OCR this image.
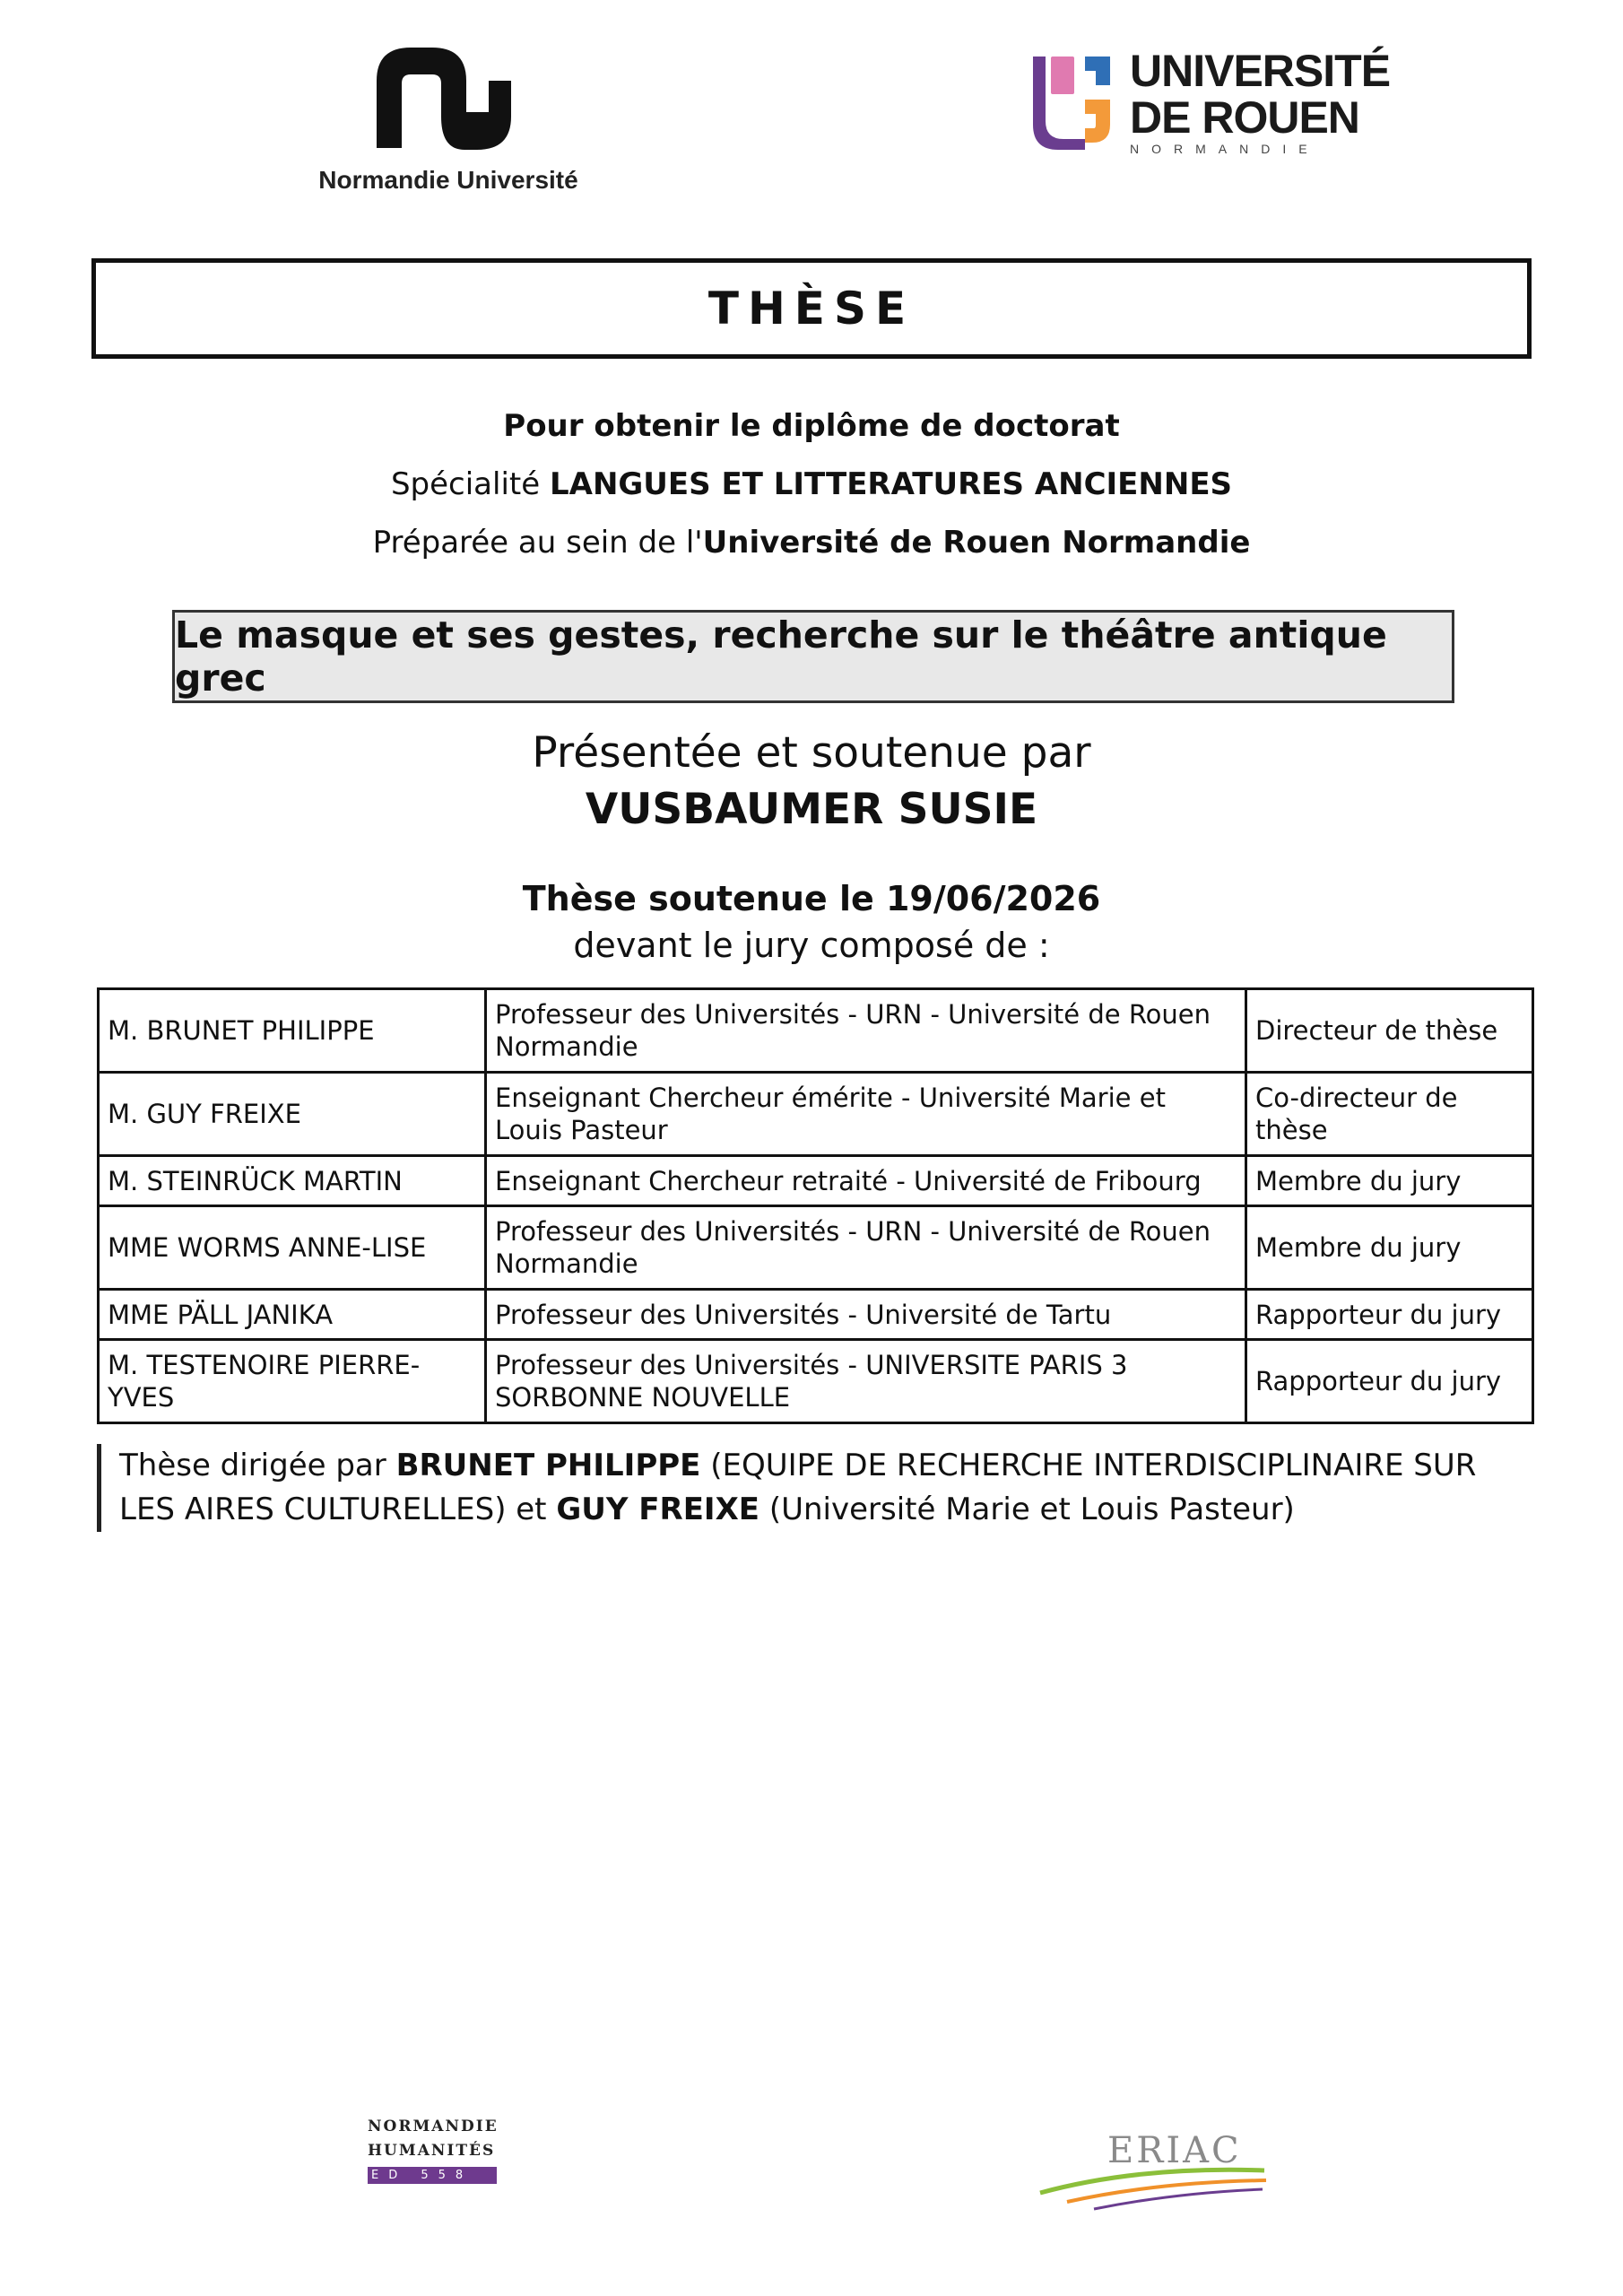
Normandie Université
UNIVERSITÉ
DE ROUEN
NORMANDIE
THÈSE
Pour obtenir le diplôme de doctorat
Spécialité LANGUES ET LITTERATURES ANCIENNES
Préparée au sein de l'Université de Rouen Normandie
Le masque et ses gestes, recherche sur le théâtre antique grec
Présentée et soutenue par
VUSBAUMER SUSIE
Thèse soutenue le 19/06/2026
devant le jury composé de :
M. BRUNET PHILIPPE	Professeur des Universités - URN - Université de Rouen Normandie	Directeur de thèse
M. GUY FREIXE	Enseignant Chercheur émérite - Université Marie et Louis Pasteur	Co-directeur de thèse
M. STEINRÜCK MARTIN	Enseignant Chercheur retraité - Université de Fribourg	Membre du jury
MME WORMS ANNE-LISE	Professeur des Universités - URN - Université de Rouen Normandie	Membre du jury
MME PÄLL JANIKA	Professeur des Universités - Université de Tartu	Rapporteur du jury
M. TESTENOIRE PIERRE-YVES	Professeur des Universités - UNIVERSITE PARIS 3 SORBONNE NOUVELLE	Rapporteur du jury
Thèse dirigée par BRUNET PHILIPPE (EQUIPE DE RECHERCHE INTERDISCIPLINAIRE SUR LES AIRES CULTURELLES) et GUY FREIXE (Université Marie et Louis Pasteur)
NORMANDIE
HUMANITÉS
ED 558
ERIAC
